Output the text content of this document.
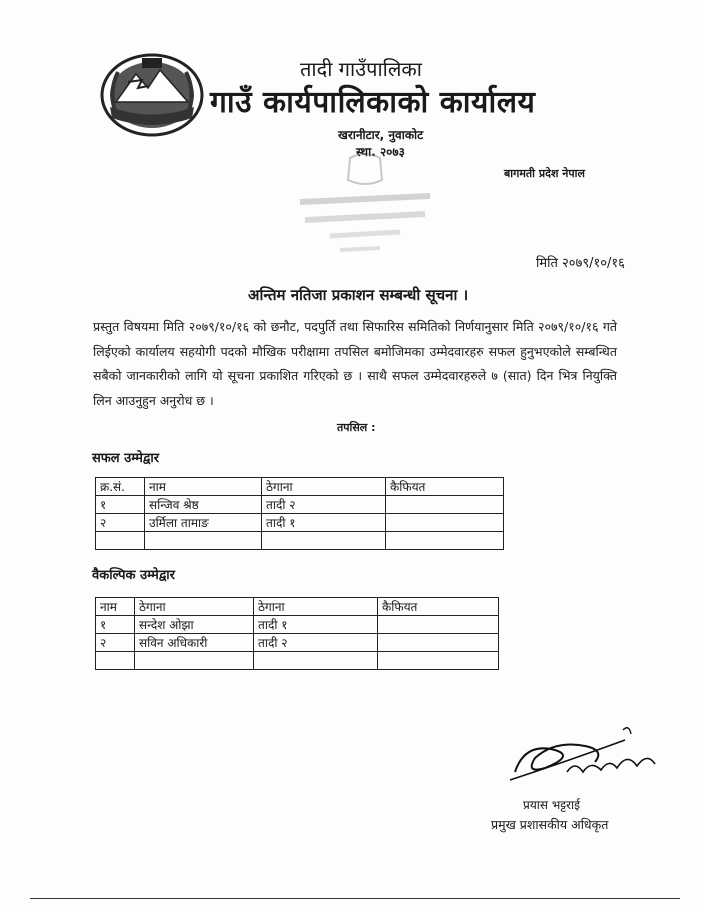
तादी गाउँपालिका
गाउँ कार्यपालिकाको कार्यालय
खरानीटार, नुवाकोट
स्था. २०७३
बागमती प्रदेश नेपाल
मिति २०७९/१०/१६
अन्तिम नतिजा प्रकाशन सम्बन्धी सूचना ।
प्रस्तुत विषयमा मिति २०७९/१०/१६ को छनौट, पदपुर्ति तथा सिफारिस समितिको निर्णयानुसार मिति २०७९/१०/१६ गते लिईएको कार्यालय सहयोगी पदको मौखिक परीक्षामा तपसिल बमोजिमका उम्मेदवारहरु सफल हुनुभएकोले सम्बन्धित सबैको जानकारीको लागि यो सूचना प्रकाशित गरिएको छ । साथै सफल उम्मेदवारहरुले ७ (सात) दिन भित्र नियुक्ति लिन आउनुहुन अनुरोध छ ।
तपसिल :
सफल उम्मेद्वार
क्र.सं.	नाम	ठेगाना	कैफियत
१	सन्जिव श्रेष्ठ	तादी २	
२	उर्मिला तामाङ	तादी १	

वैकल्पिक उम्मेद्वार
नाम	ठेगाना	ठेगाना	कैफियत
१	सन्देश ओझा	तादी १	
२	सविन अधिकारी	तादी २	

प्रयास भट्टराई
प्रमुख प्रशासकीय अधिकृत
